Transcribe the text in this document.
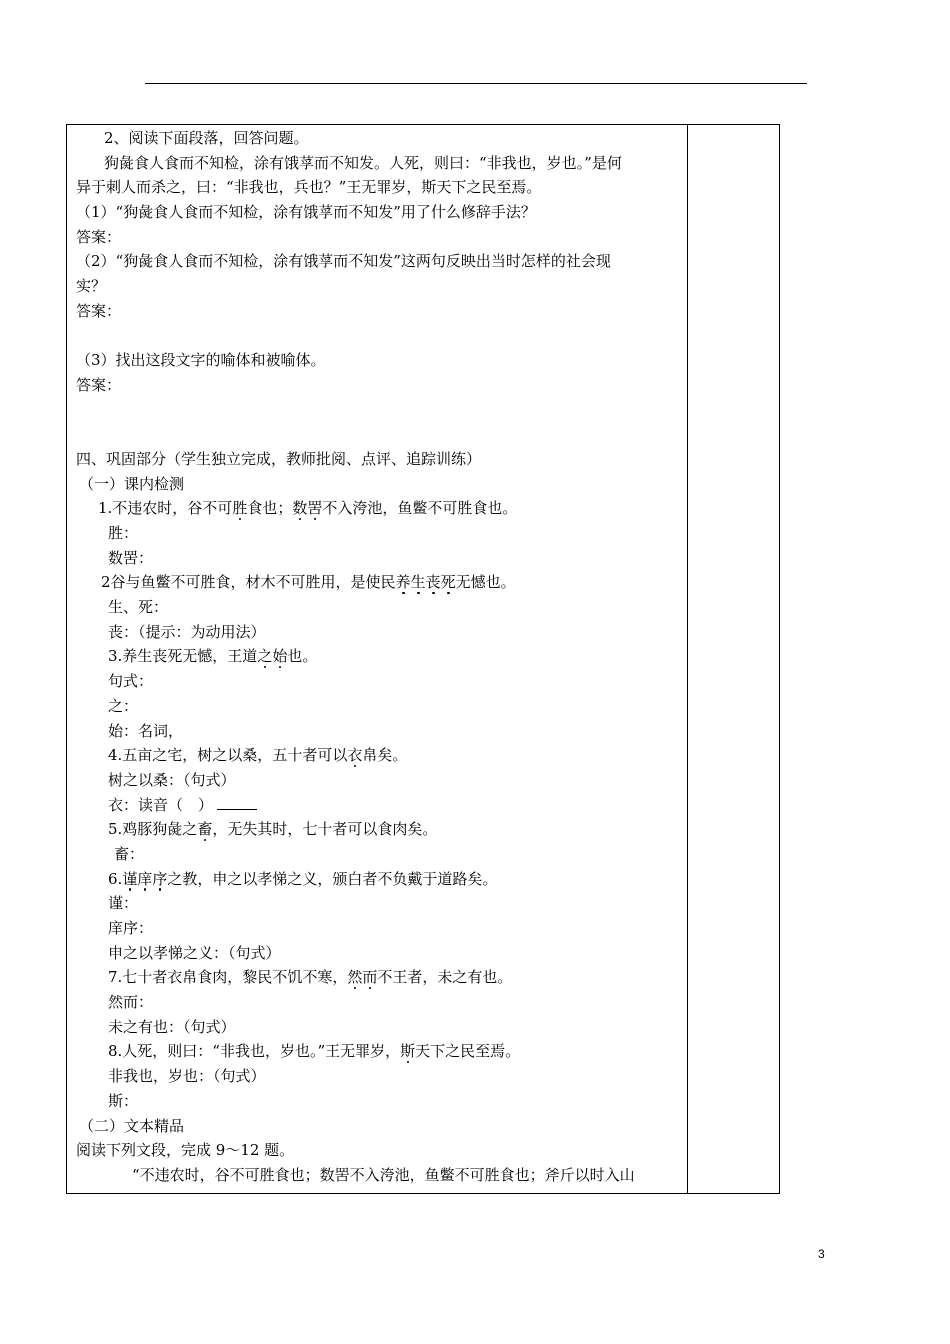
2、阅读下面段落，回答问题。
狗彘食人食而不知检，涂有饿莩而不知发。人死，则曰：“非我也，岁也。”是何
异于刺人而杀之，曰：“非我也，兵也？”王无罪岁，斯天下之民至焉。
（1）“狗彘食人食而不知检，涂有饿莩而不知发”用了什么修辞手法？
答案：
（2）“狗彘食人食而不知检，涂有饿莩而不知发”这两句反映出当时怎样的社会现
实？
答案：
（3）找出这段文字的喻体和被喻体。
答案：
四、巩固部分（学生独立完成，教师批阅、点评、追踪训练）
（一）课内检测
1.不违农时，谷不可胜食也；数罟不入洿池，鱼鳖不可胜食也。
胜：
数罟：
2谷与鱼鳖不可胜食，材木不可胜用，是使民养生丧死无憾也。
生、死：
丧：（提示：为动用法）
3.养生丧死无憾，王道之始也。
句式：
之：
始：名词，
4.五亩之宅，树之以桑，五十者可以衣帛矣。
树之以桑：（句式）
衣：读音（　）
5.鸡豚狗彘之畜，无失其时，七十者可以食肉矣。
畜：
6.谨庠序之教，申之以孝悌之义，颁白者不负戴于道路矣。
谨：
庠序：
申之以孝悌之义：（句式）
7.七十者衣帛食肉，黎民不饥不寒，然而不王者，未之有也。
然而：
未之有也：（句式）
8.人死，则曰：“非我也，岁也。”王无罪岁，斯天下之民至焉。
非我也，岁也：（句式）
斯：
（二）文本精品
阅读下列文段，完成 9～12 题。
“不违农时，谷不可胜食也；数罟不入洿池，鱼鳖不可胜食也；斧斤以时入山
3
